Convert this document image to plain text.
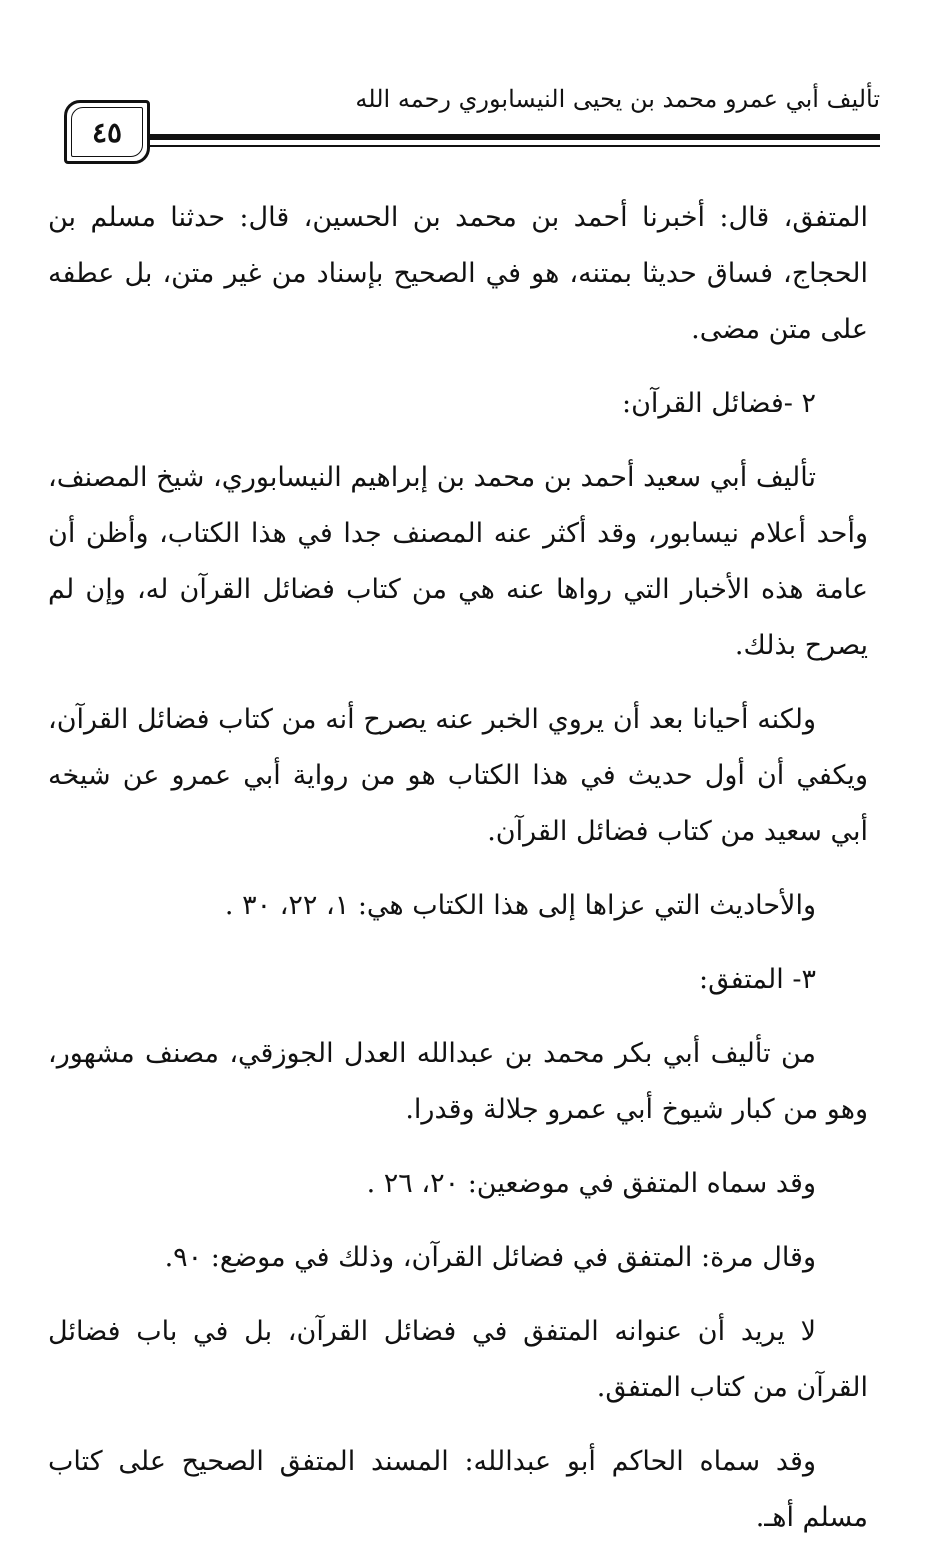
تأليف أبي عمرو محمد بن يحيى النيسابوري رحمه الله
٤٥

المتفق، قال: أخبرنا أحمد بن محمد بن الحسين، قال: حدثنا مسلم بن الحجاج، فساق حديثا بمتنه، هو في الصحيح بإسناد من غير متن، بل عطفه على متن مضى.

٢ -فضائل القرآن:

تأليف أبي سعيد أحمد بن محمد بن إبراهيم النيسابوري، شيخ المصنف، وأحد أعلام نيسابور، وقد أكثر عنه المصنف جدا في هذا الكتاب، وأظن أن عامة هذه الأخبار التي رواها عنه هي من كتاب فضائل القرآن له، وإن لم يصرح بذلك.

ولكنه أحيانا بعد أن يروي الخبر عنه يصرح أنه من كتاب فضائل القرآن، ويكفي أن أول حديث في هذا الكتاب هو من رواية أبي عمرو عن شيخه أبي سعيد من كتاب فضائل القرآن.

والأحاديث التي عزاها إلى هذا الكتاب هي: ١، ٢٢، ٣٠ .

٣- المتفق:

من تأليف أبي بكر محمد بن عبدالله العدل الجوزقي، مصنف مشهور، وهو من كبار شيوخ أبي عمرو جلالة وقدرا.

وقد سماه المتفق في موضعين: ٢٠، ٢٦ .

وقال مرة: المتفق في فضائل القرآن، وذلك في موضع: ٩٠.

لا يريد أن عنوانه المتفق في فضائل القرآن، بل في باب فضائل القرآن من كتاب المتفق.

وقد سماه الحاكم أبو عبدالله: المسند المتفق الصحيح على كتاب مسلم أهـ.
